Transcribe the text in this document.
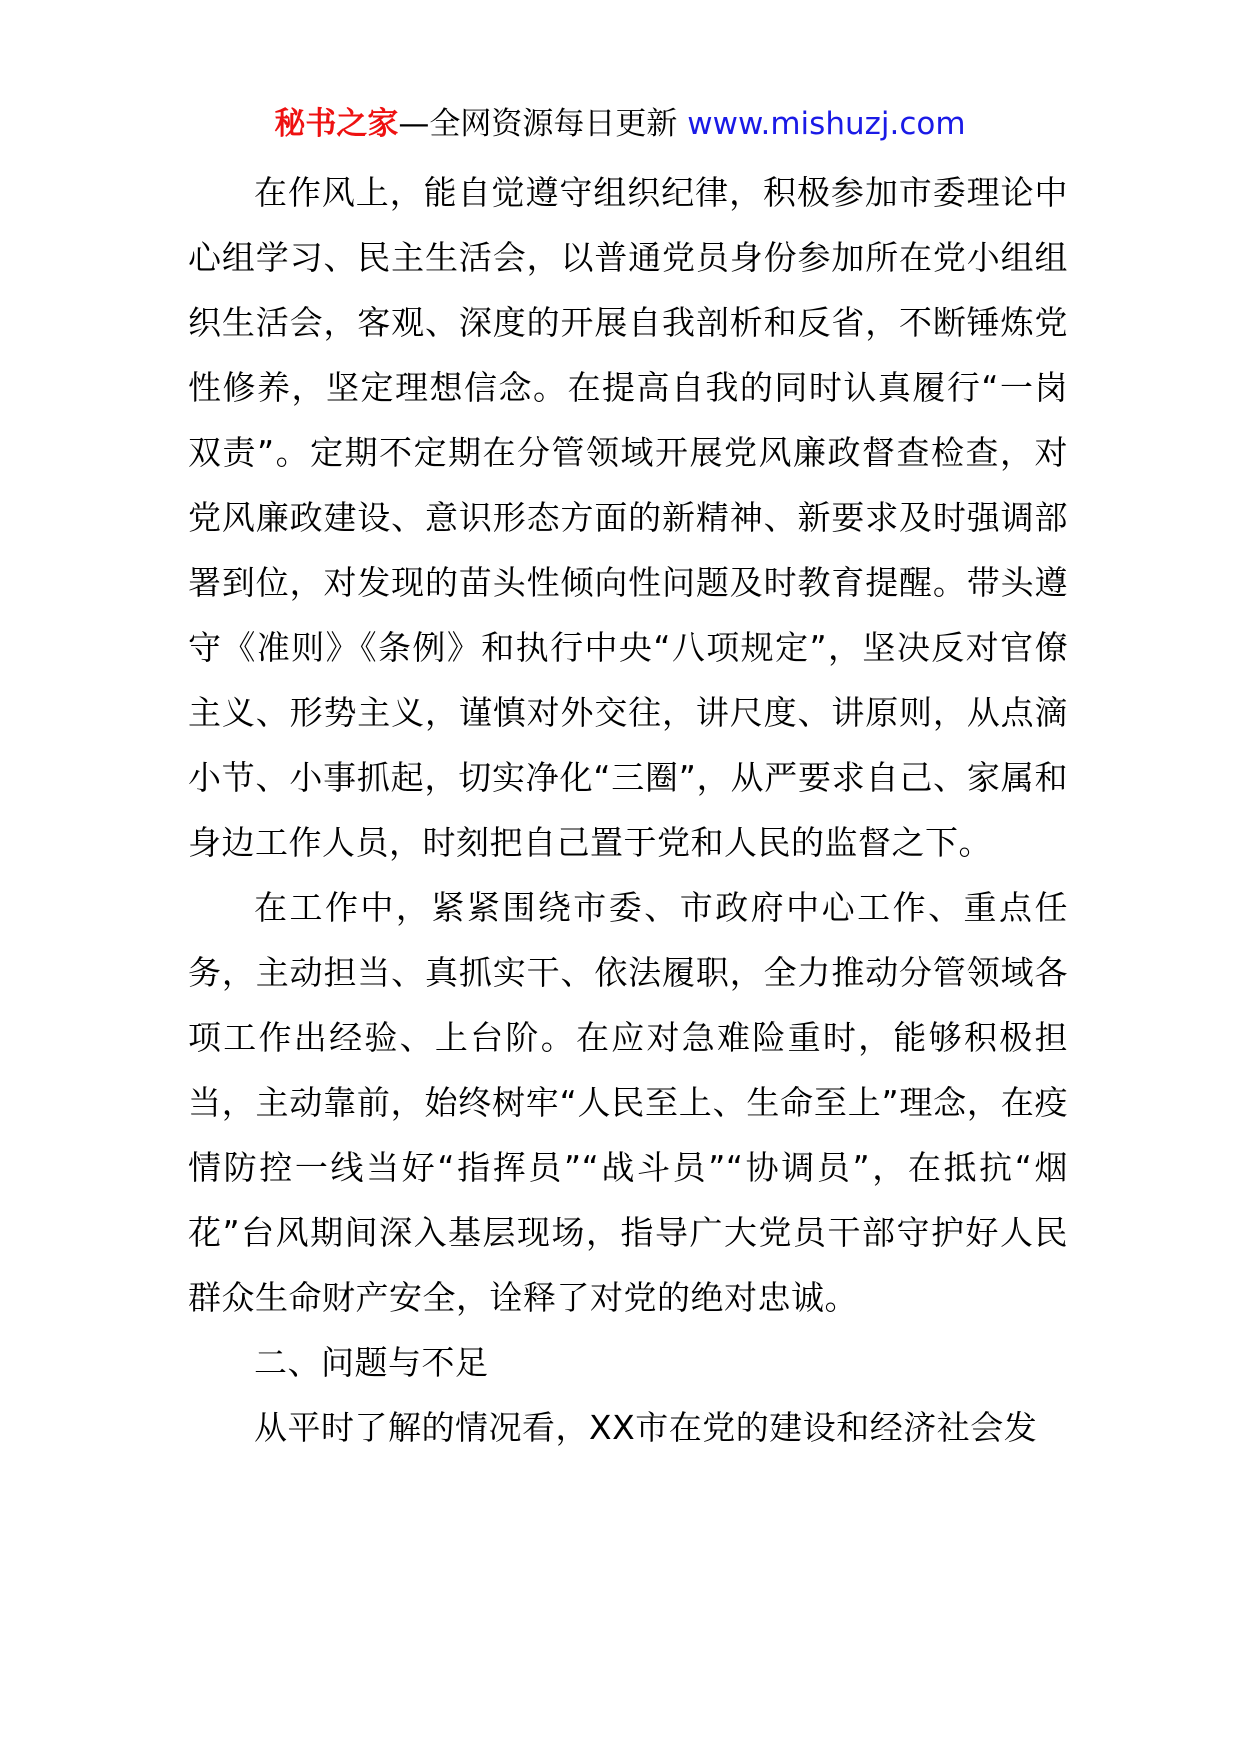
秘书之家—全网资源每日更新 www.mishuzj.com

在作风上，能自觉遵守组织纪律，积极参加市委理论中心组学习、民主生活会，以普通党员身份参加所在党小组组织生活会，客观、深度的开展自我剖析和反省，不断锤炼党性修养，坚定理想信念。在提高自我的同时认真履行“一岗双责”。定期不定期在分管领域开展党风廉政督查检查，对党风廉政建设、意识形态方面的新精神、新要求及时强调部署到位，对发现的苗头性倾向性问题及时教育提醒。带头遵守《准则》《条例》和执行中央“八项规定”，坚决反对官僚主义、形势主义，谨慎对外交往，讲尺度、讲原则，从点滴小节、小事抓起，切实净化“三圈”，从严要求自己、家属和身边工作人员，时刻把自己置于党和人民的监督之下。

在工作中，紧紧围绕市委、市政府中心工作、重点任务，主动担当、真抓实干、依法履职，全力推动分管领域各项工作出经验、上台阶。在应对急难险重时，能够积极担当，主动靠前，始终树牢“人民至上、生命至上”理念，在疫情防控一线当好“指挥员”“战斗员”“协调员”，在抵抗“烟花”台风期间深入基层现场，指导广大党员干部守护好人民群众生命财产安全，诠释了对党的绝对忠诚。

二、问题与不足

从平时了解的情况看，XX市在党的建设和经济社会发
